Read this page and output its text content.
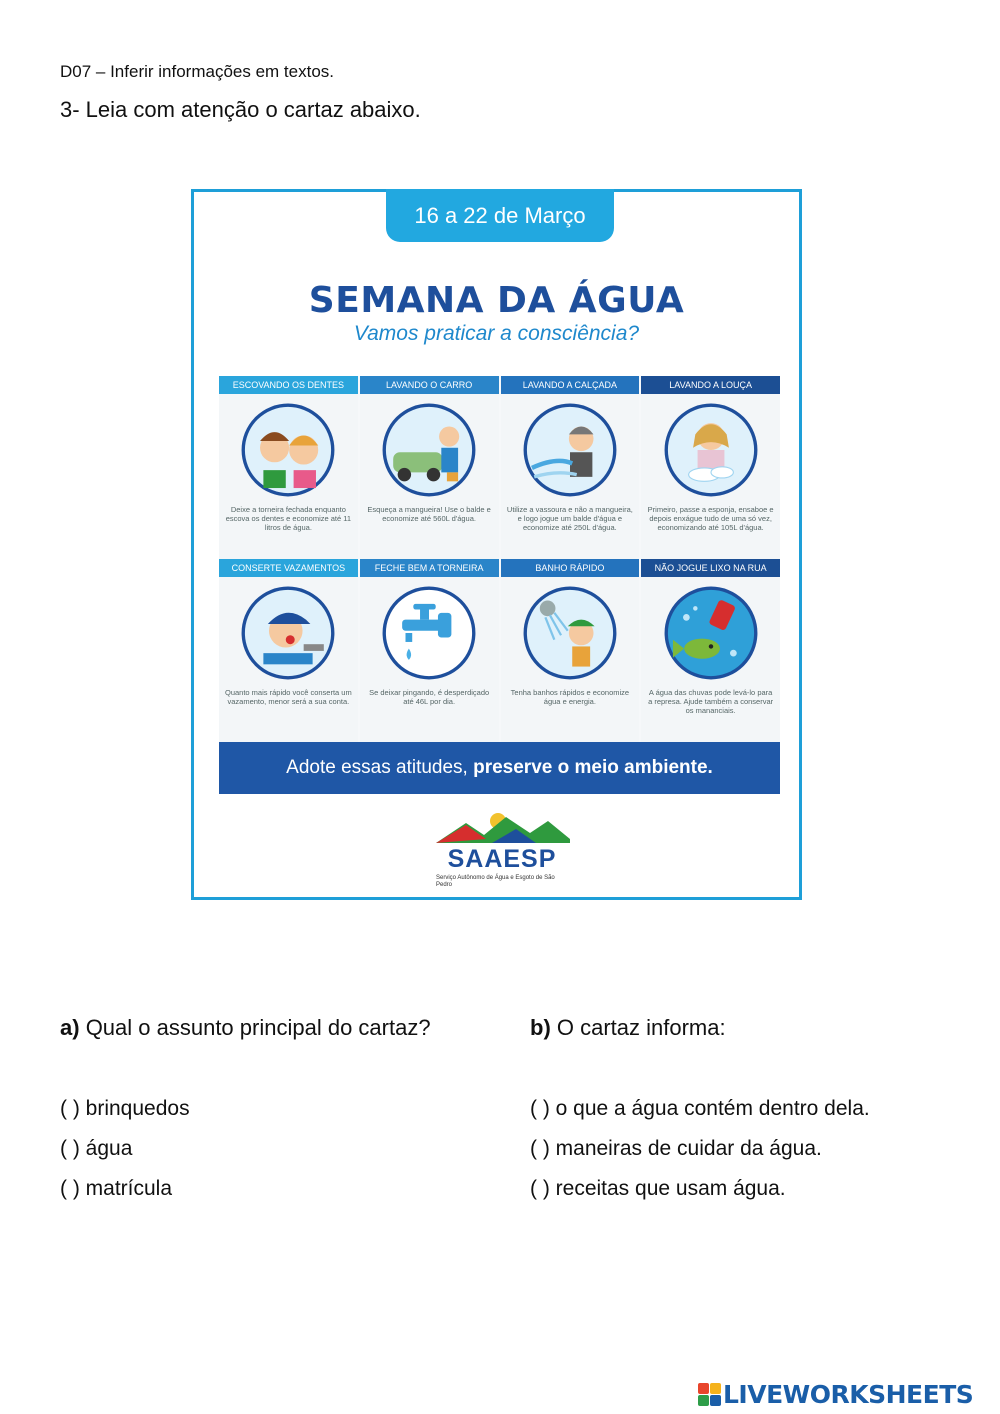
D07 – Inferir informações em textos.
3- Leia com atenção o cartaz abaixo.
16 a 22 de Março
SEMANA DA ÁGUA
Vamos praticar a consciência?
ESCOVANDO OS DENTES
Deixe a torneira fechada enquanto escova os dentes e economize até 11 litros de água.
LAVANDO O CARRO
Esqueça a mangueira! Use o balde e economize até 560L d'água.
LAVANDO A CALÇADA
Utilize a vassoura e não a mangueira, e logo jogue um balde d'água e economize até 250L d'água.
LAVANDO A LOUÇA
Primeiro, passe a esponja, ensaboe e depois enxágue tudo de uma só vez, economizando até 105L d'água.
CONSERTE VAZAMENTOS
Quanto mais rápido você conserta um vazamento, menor será a sua conta.
FECHE BEM A TORNEIRA
Se deixar pingando, é desperdiçado até 46L por dia.
BANHO RÁPIDO
Tenha banhos rápidos e economize água e energia.
NÃO JOGUE LIXO NA RUA
A água das chuvas pode levá-lo para a represa. Ajude também a conservar os mananciais.
Adote essas atitudes, preserve o meio ambiente.
SAAESP
Serviço Autônomo de Água e Esgoto de São Pedro
a) Qual o assunto principal do cartaz?	b) O cartaz informa:
( ) brinquedos
( ) água
( ) matrícula
( ) o que a água contém dentro dela.
( ) maneiras de cuidar da água.
( ) receitas que usam água.
LIVEWORKSHEETS
